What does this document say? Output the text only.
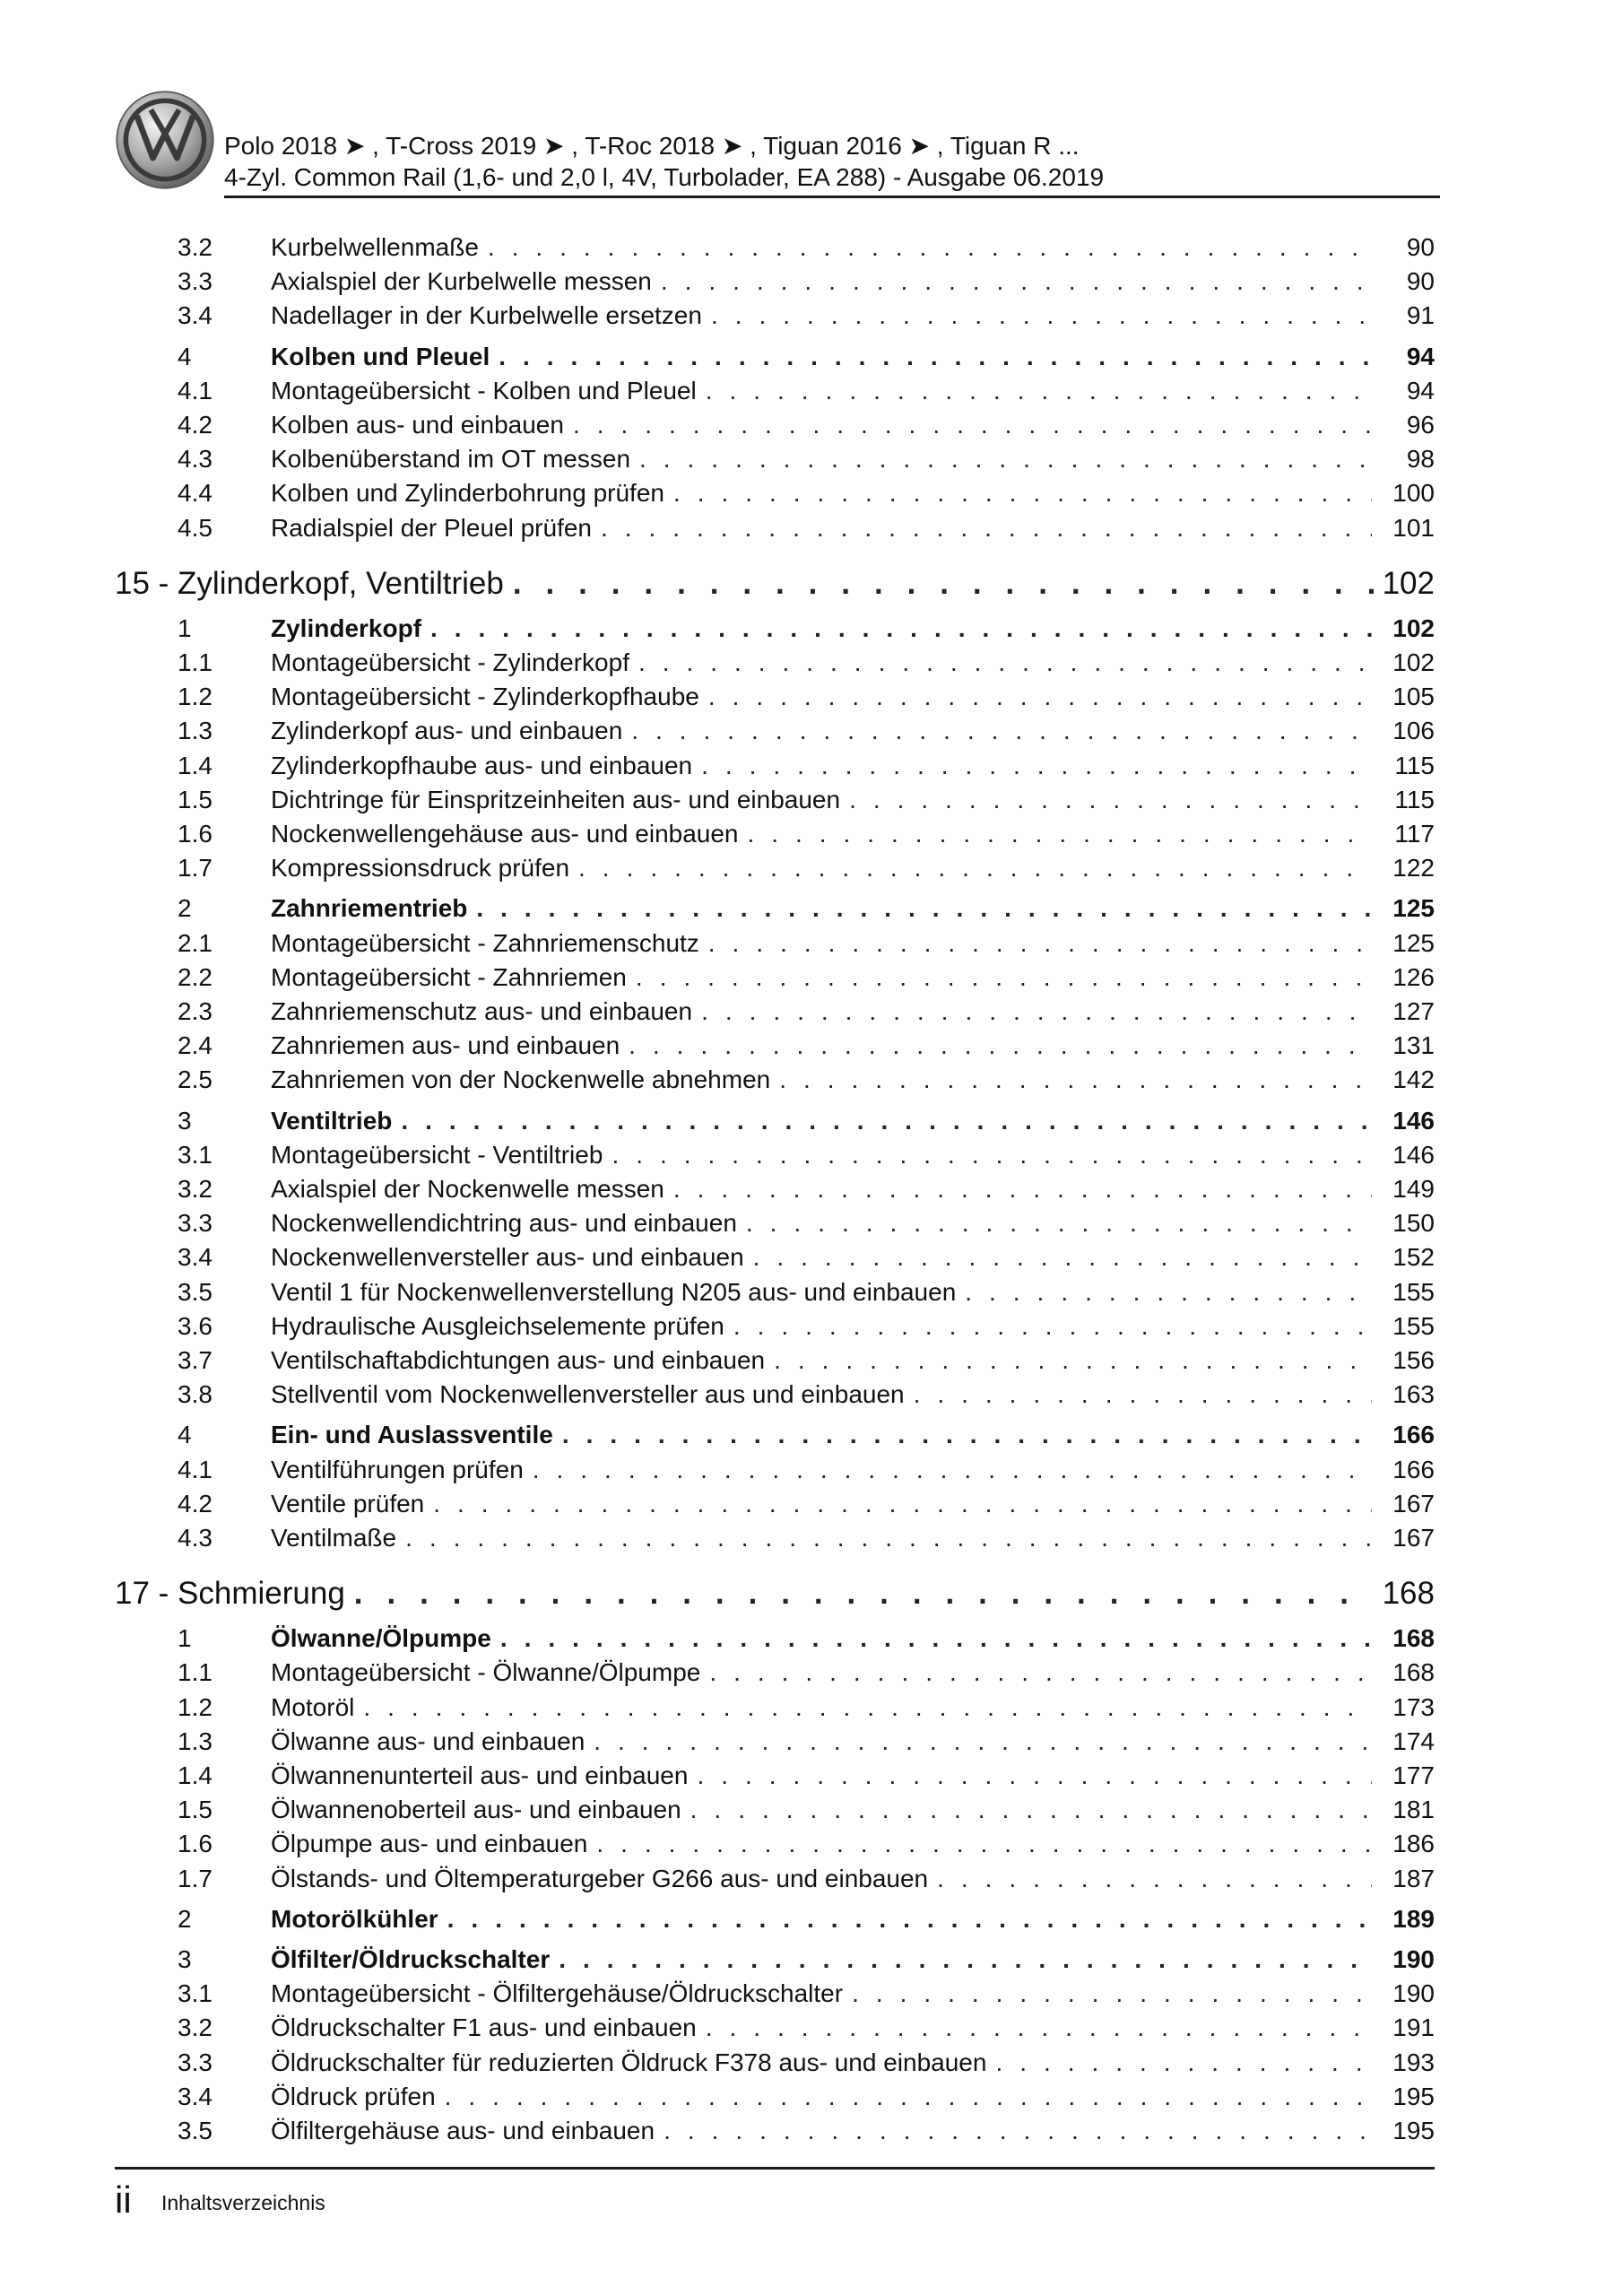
Polo 2018 ➤ , T-Cross 2019 ➤ , T-Roc 2018 ➤ , Tiguan 2016 ➤ , Tiguan R ...
4-Zyl. Common Rail (1,6- und 2,0 l, 4V, Turbolader, EA 288) - Ausgabe 06.2019
3.2	Kurbelwellenmaße . . .	90
3.3	Axialspiel der Kurbelwelle messen . . .	90
3.4	Nadellager in der Kurbelwelle ersetzen . . .	91
4	Kolben und Pleuel . . .	94
4.1	Montageübersicht - Kolben und Pleuel . . .	94
4.2	Kolben aus- und einbauen . . .	96
4.3	Kolbenüberstand im OT messen . . .	98
4.4	Kolben und Zylinderbohrung prüfen . . .	100
4.5	Radialspiel der Pleuel prüfen . . .	101
15 - Zylinderkopf, Ventiltrieb . . .	102
1	Zylinderkopf . . .	102
1.1	Montageübersicht - Zylinderkopf . . .	102
1.2	Montageübersicht - Zylinderkopfhaube . . .	105
1.3	Zylinderkopf aus- und einbauen . . .	106
1.4	Zylinderkopfhaube aus- und einbauen . . .	115
1.5	Dichtringe für Einspritzeinheiten aus- und einbauen . . .	115
1.6	Nockenwellengehäuse aus- und einbauen . . .	117
1.7	Kompressionsdruck prüfen . . .	122
2	Zahnriementrieb . . .	125
2.1	Montageübersicht - Zahnriemenschutz . . .	125
2.2	Montageübersicht - Zahnriemen . . .	126
2.3	Zahnriemenschutz aus- und einbauen . . .	127
2.4	Zahnriemen aus- und einbauen . . .	131
2.5	Zahnriemen von der Nockenwelle abnehmen . . .	142
3	Ventiltrieb . . .	146
3.1	Montageübersicht - Ventiltrieb . . .	146
3.2	Axialspiel der Nockenwelle messen . . .	149
3.3	Nockenwellendichtring aus- und einbauen . . .	150
3.4	Nockenwellenversteller aus- und einbauen . . .	152
3.5	Ventil 1 für Nockenwellenverstellung N205 aus- und einbauen . . .	155
3.6	Hydraulische Ausgleichselemente prüfen . . .	155
3.7	Ventilschaftabdichtungen aus- und einbauen . . .	156
3.8	Stellventil vom Nockenwellenversteller aus und einbauen . . .	163
4	Ein- und Auslassventile . . .	166
4.1	Ventilführungen prüfen . . .	166
4.2	Ventile prüfen . . .	167
4.3	Ventilmaße . . .	167
17 - Schmierung . . .	168
1	Ölwanne/Ölpumpe . . .	168
1.1	Montageübersicht - Ölwanne/Ölpumpe . . .	168
1.2	Motoröl . . .	173
1.3	Ölwanne aus- und einbauen . . .	174
1.4	Ölwannenunterteil aus- und einbauen . . .	177
1.5	Ölwannenoberteil aus- und einbauen . . .	181
1.6	Ölpumpe aus- und einbauen . . .	186
1.7	Ölstands- und Öltemperaturgeber G266 aus- und einbauen . . .	187
2	Motorölkühler . . .	189
3	Ölfilter/Öldruckschalter . . .	190
3.1	Montageübersicht - Ölfiltergehäuse/Öldruckschalter . . .	190
3.2	Öldruckschalter F1 aus- und einbauen . . .	191
3.3	Öldruckschalter für reduzierten Öldruck F378 aus- und einbauen . . .	193
3.4	Öldruck prüfen . . .	195
3.5	Ölfiltergehäuse aus- und einbauen . . .	195
ii Inhaltsverzeichnis
